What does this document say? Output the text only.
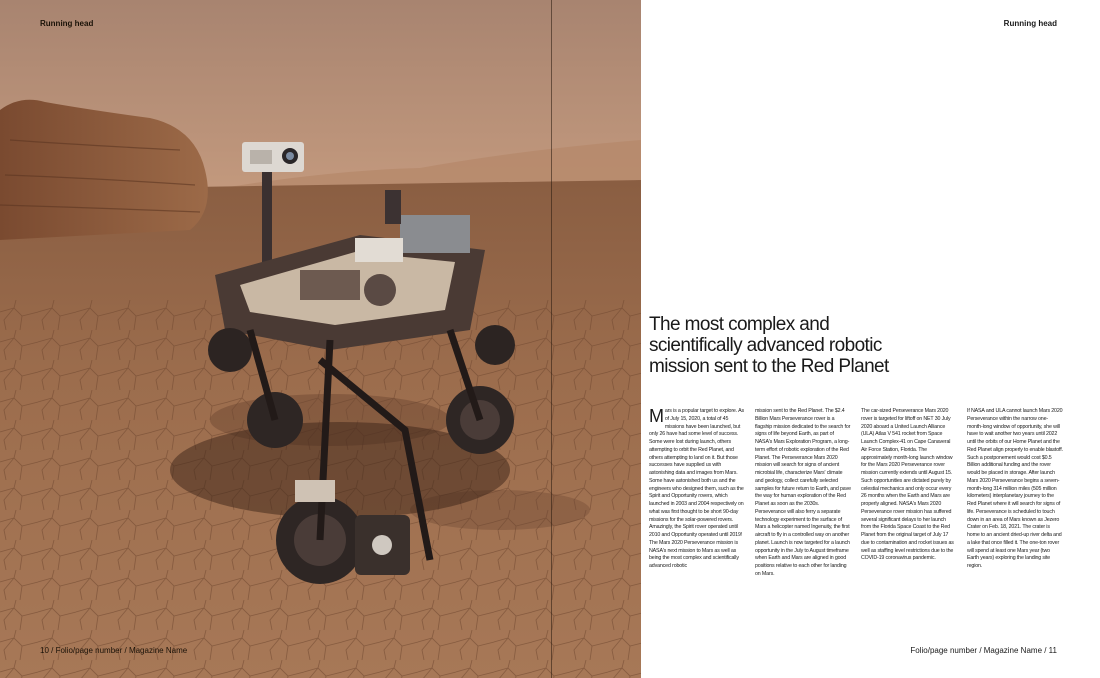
Running head
10 / Folio/page number / Magazine Name
Running head
The most complex and
scientifically advanced robotic
mission sent to the Red Planet

Mars is a popular target to explore. As of July 15, 2020, a total of 45 missions have been launched, but only 26 have had some level of success. Some were lost during launch, others attempting to orbit the Red Planet, and others attempting to land on it. But those successes have supplied us with astonishing data and images from Mars. Some have astonished both us and the engineers who designed them, such as the Spirit and Opportunity rovers, which launched in 2003 and 2004 respectively on what was first thought to be short 90-day missions for the solar-powered rovers. Amazingly, the Spirit rover operated until 2010 and Opportunity operated until 2019! The Mars 2020 Perseverance mission is NASA's next mission to Mars as well as being the most complex and scientifically advanced robotic

mission sent to the Red Planet. The $2.4 Billion Mars Perseverance rover is a flagship mission dedicated to the search for signs of life beyond Earth, as part of NASA's Mars Exploration Program, a long-term effort of robotic exploration of the Red Planet. The Perseverance Mars 2020 mission will search for signs of ancient microbial life, characterize Mars' climate and geology, collect carefully selected samples for future return to Earth, and pave the way for human exploration of the Red Planet as soon as the 2030s. Perseverance will also ferry a separate technology experiment to the surface of Mars a helicopter named Ingenuity, the first aircraft to fly in a controlled way on another planet. Launch is now targeted for a launch opportunity in the July to August timeframe when Earth and Mars are aligned in good positions relative to each other for landing on Mars.

The car-sized Perseverance Mars 2020 rover is targeted for liftoff on NET 30 July 2020 aboard a United Launch Alliance (ULA) Atlas V 541 rocket from Space Launch Complex-41 on Cape Canaveral Air Force Station, Florida. The approximately month-long launch window for the Mars 2020 Perseverance rover mission currently extends until August 15. Such opportunities are dictated purely by celestial mechanics and only occur every 26 months when the Earth and Mars are properly aligned. NASA's Mars 2020 Perseverance rover mission has suffered several significant delays to her launch from the Florida Space Coast to the Red Planet from the original target of July 17 due to contamination and rocket issues as well as staffing level restrictions due to the COVID-19 coronavirus pandemic.

If NASA and ULA cannot launch Mars 2020 Perseverance within the narrow one-month-long window of opportunity, she will have to wait another two years until 2022 until the orbits of our Home Planet and the Red Planet align properly to enable blastoff. Such a postponement would cost $0.5 Billion additional funding and the rover would be placed in storage. After launch Mars 2020 Perseverance begins a seven-month-long 314 million miles (505 million kilometers) interplanetary journey to the Red Planet where it will search for signs of life. Perseverance is scheduled to touch down in an area of Mars known as Jezero Crater on Feb. 18, 2021. The crater is home to an ancient dried-up river delta and a lake that once filled it. The one-ton rover will spend at least one Mars year (two Earth years) exploring the landing site region.

Folio/page number / Magazine Name / 11
